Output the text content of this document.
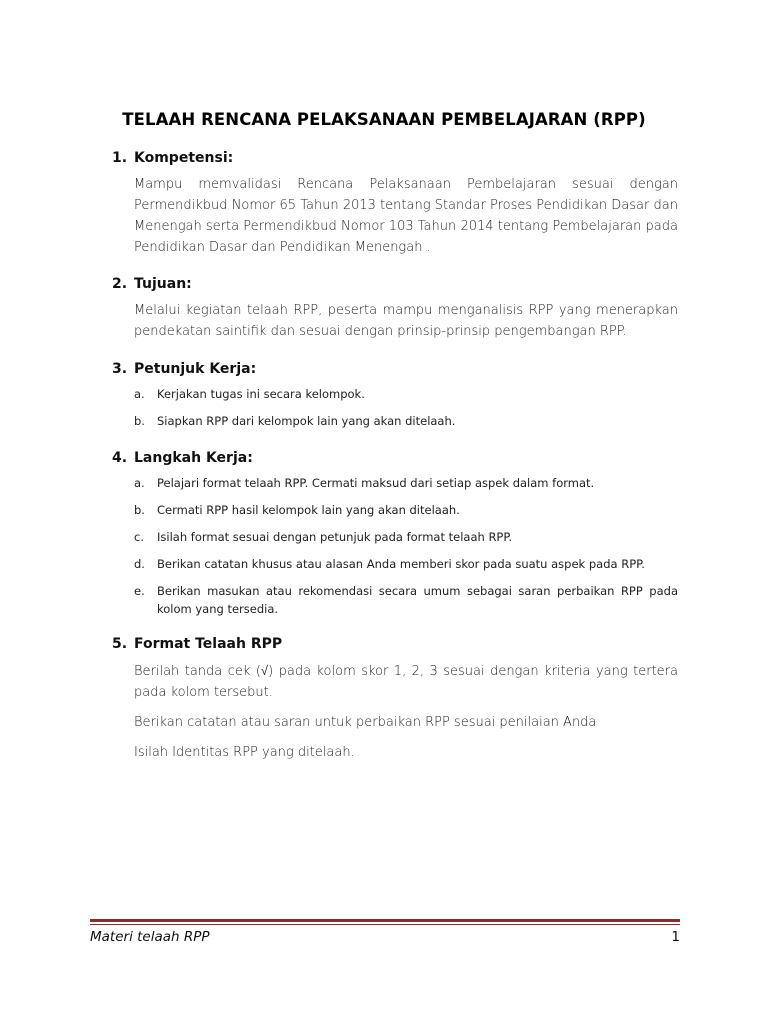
TELAAH RENCANA PELAKSANAAN PEMBELAJARAN (RPP)
1. Kompetensi:
Mampu memvalidasi Rencana Pelaksanaan Pembelajaran sesuai dengan Permendikbud Nomor 65 Tahun 2013 tentang Standar Proses Pendidikan Dasar dan Menengah serta Permendikbud Nomor 103 Tahun 2014 tentang Pembelajaran pada Pendidikan Dasar dan Pendidikan Menengah .
2. Tujuan:
Melalui kegiatan telaah RPP, peserta mampu menganalisis RPP yang menerapkan pendekatan saintifik dan sesuai dengan prinsip-prinsip pengembangan RPP.
3. Petunjuk Kerja:
a.	Kerjakan tugas ini secara kelompok.
b.	Siapkan RPP dari kelompok lain yang akan ditelaah.
4. Langkah Kerja:
a.	Pelajari format telaah RPP. Cermati maksud dari setiap aspek dalam format.
b.	Cermati RPP hasil kelompok lain yang akan ditelaah.
c.	Isilah format sesuai dengan petunjuk pada format telaah RPP.
d.	Berikan catatan khusus atau alasan Anda memberi skor pada suatu aspek pada RPP.
e.	Berikan masukan atau rekomendasi secara umum sebagai saran perbaikan RPP pada kolom yang tersedia.
5. Format Telaah RPP
Berilah tanda cek (√) pada kolom skor 1, 2, 3 sesuai dengan kriteria yang tertera pada kolom tersebut.
Berikan catatan atau saran untuk perbaikan RPP sesuai penilaian Anda
Isilah Identitas RPP yang ditelaah.
Materi telaah RPP	1
